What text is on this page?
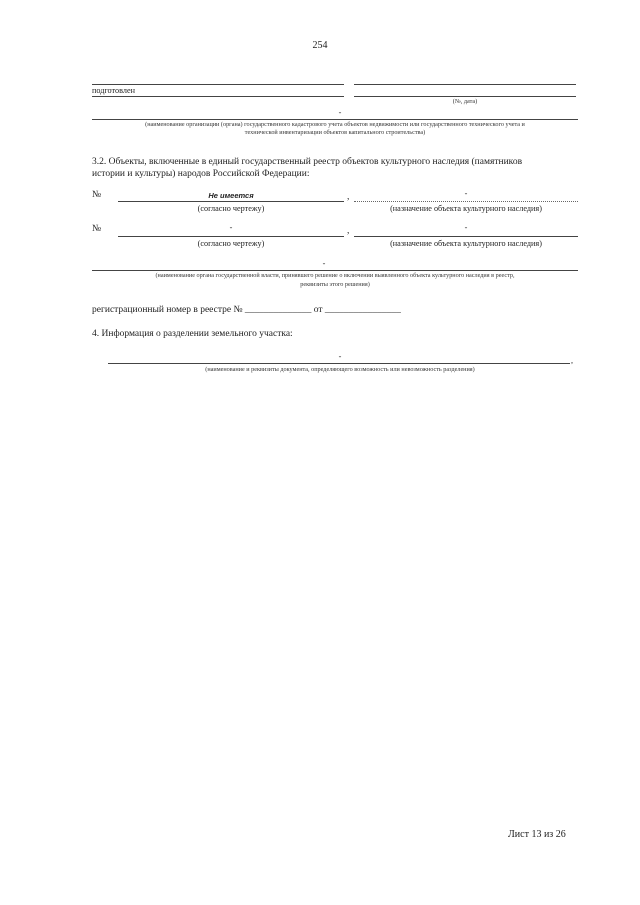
254
подготовлен
(№, дата)
-
(наименование организации (органа) государственного кадастрового учета объектов недвижимости или государственного технического учета и
технической инвентаризации объектов капитального строительства)
3.2. Объекты, включенные в единый государственный реестр объектов культурного наследия (памятников
истории и культуры) народов Российской Федерации:
№	Не имеется	,	-
(согласно чертежу)	(назначение объекта культурного наследия)
№	-	,	-
(согласно чертежу)	(назначение объекта культурного наследия)
-
(наименование органа государственной власти, принявшего решение о включении выявленного объекта культурного наследия в реестр,
реквизиты этого решения)
регистрационный номер в реестре № ______________ от ________________
4. Информация о разделении земельного участка:
-	,
(наименование и реквизиты документа, определяющего возможность или невозможность разделения)
Лист 13 из 26
